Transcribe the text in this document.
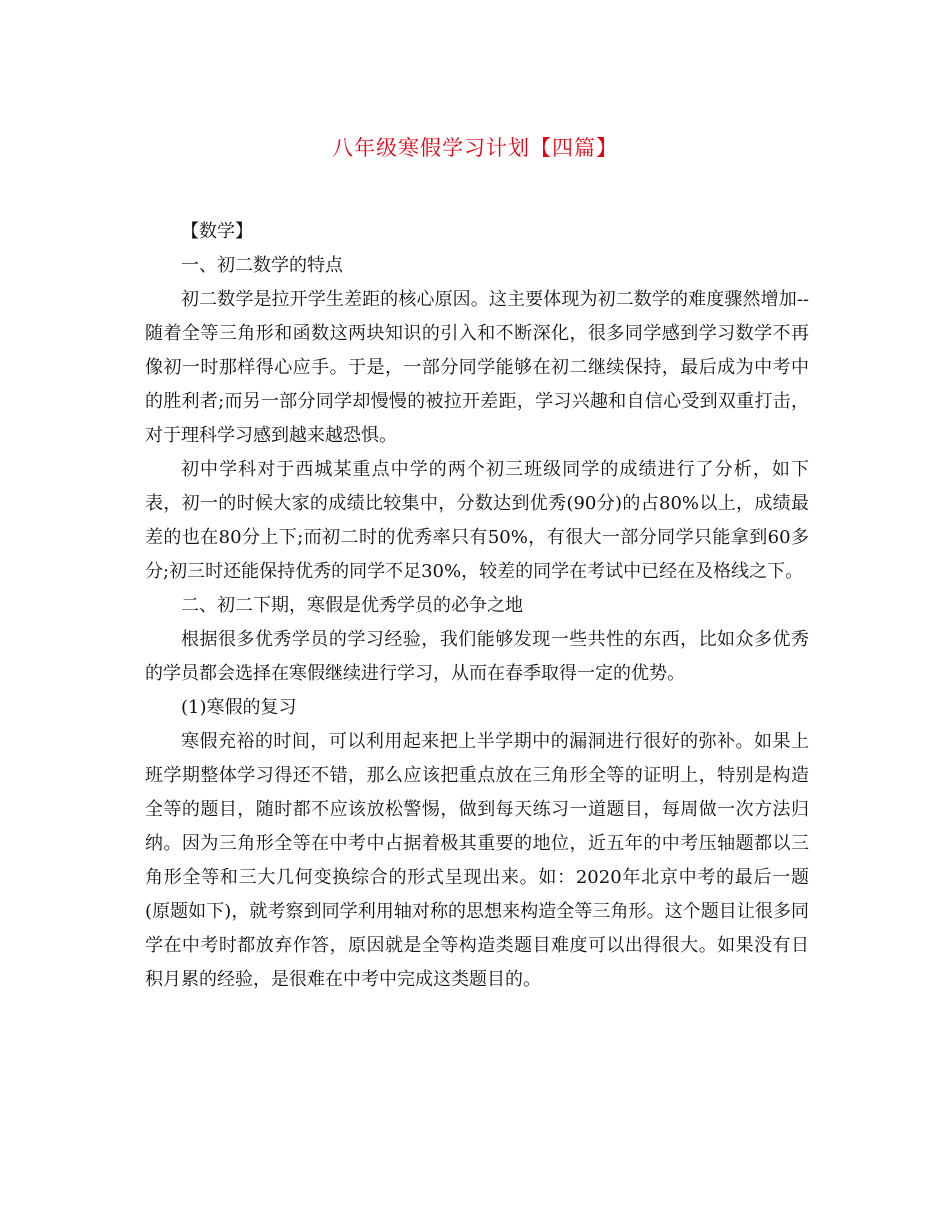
八年级寒假学习计划【四篇】

【数学】

一、初二数学的特点

初二数学是拉开学生差距的核心原因。这主要体现为初二数学的难度骤然增加--随着全等三角形和函数这两块知识的引入和不断深化，很多同学感到学习数学不再像初一时那样得心应手。于是，一部分同学能够在初二继续保持，最后成为中考中的胜利者;而另一部分同学却慢慢的被拉开差距，学习兴趣和自信心受到双重打击，对于理科学习感到越来越恐惧。

初中学科对于西城某重点中学的两个初三班级同学的成绩进行了分析，如下表，初一的时候大家的成绩比较集中，分数达到优秀(90分)的占80%以上，成绩最差的也在80分上下;而初二时的优秀率只有50%，有很大一部分同学只能拿到60多分;初三时还能保持优秀的同学不足30%，较差的同学在考试中已经在及格线之下。

二、初二下期，寒假是优秀学员的必争之地

根据很多优秀学员的学习经验，我们能够发现一些共性的东西，比如众多优秀的学员都会选择在寒假继续进行学习，从而在春季取得一定的优势。

(1)寒假的复习

寒假充裕的时间，可以利用起来把上半学期中的漏洞进行很好的弥补。如果上班学期整体学习得还不错，那么应该把重点放在三角形全等的证明上，特别是构造全等的题目，随时都不应该放松警惕，做到每天练习一道题目，每周做一次方法归纳。因为三角形全等在中考中占据着极其重要的地位，近五年的中考压轴题都以三角形全等和三大几何变换综合的形式呈现出来。如：2020年北京中考的最后一题(原题如下)，就考察到同学利用轴对称的思想来构造全等三角形。这个题目让很多同学在中考时都放弃作答，原因就是全等构造类题目难度可以出得很大。如果没有日积月累的经验，是很难在中考中完成这类题目的。
